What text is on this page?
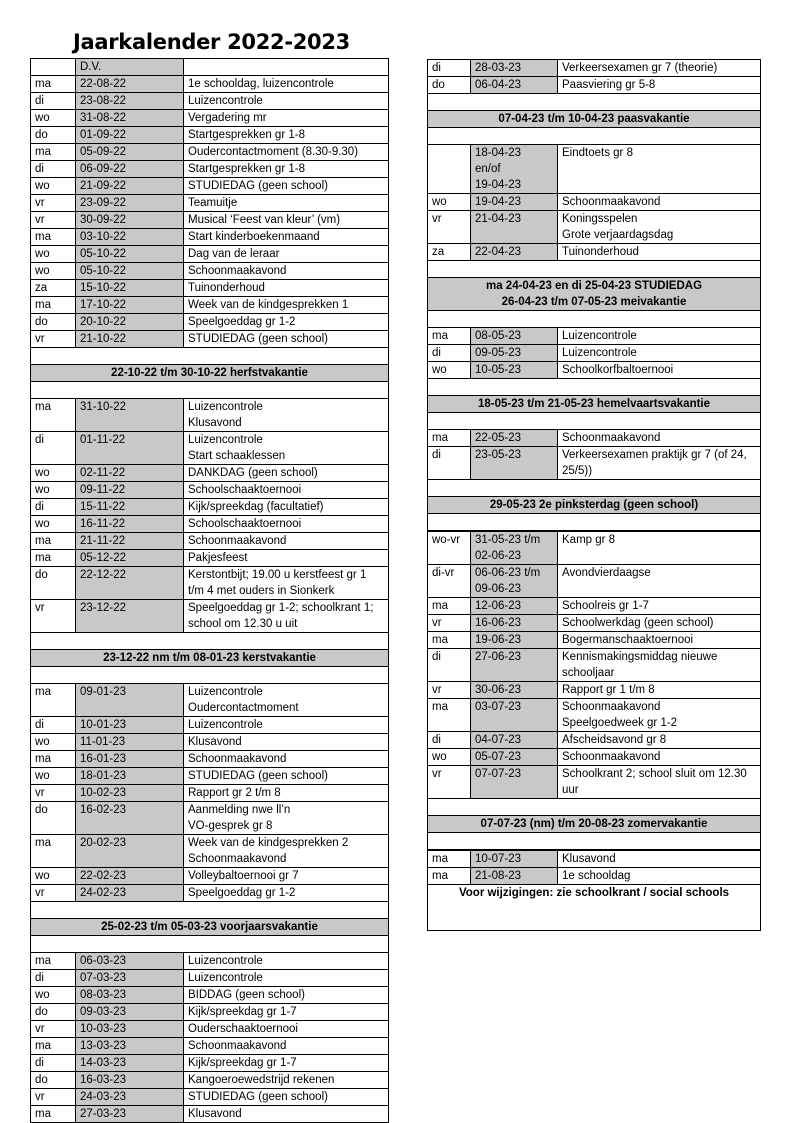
Jaarkalender 2022-2023
	D.V.	
ma	22-08-22	1e schooldag, luizencontrole
di	23-08-22	Luizencontrole
wo	31-08-22	Vergadering mr
do	01-09-22	Startgesprekken gr 1-8
ma	05-09-22	Oudercontactmoment (8.30-9.30)
di	06-09-22	Startgesprekken gr 1-8
wo	21-09-22	STUDIEDAG (geen school)
vr	23-09-22	Teamuitje
vr	30-09-22	Musical ‘Feest van kleur’ (vm)
ma	03-10-22	Start kinderboekenmaand
wo	05-10-22	Dag van de leraar
wo	05-10-22	Schoonmaakavond
za	15-10-22	Tuinonderhoud
ma	17-10-22	Week van de kindgesprekken 1
do	20-10-22	Speelgoeddag gr 1-2
vr	21-10-22	STUDIEDAG (geen school)

22-10-22 t/m 30-10-22 herfstvakantie		

ma	31-10-22	Luizencontrole
Klusavond
di	01-11-22	Luizencontrole
Start schaaklessen
wo	02-11-22	DANKDAG (geen school)
wo	09-11-22	Schoolschaaktoernooi
di	15-11-22	Kijk/spreekdag (facultatief)
wo	16-11-22	Schoolschaaktoernooi
ma	21-11-22	Schoonmaakavond
ma	05-12-22	Pakjesfeest
do	22-12-22	Kerstontbijt; 19.00 u kerstfeest gr 1
t/m 4 met ouders in Sionkerk
vr	23-12-22	Speelgoeddag gr 1-2; schoolkrant 1;
school om 12.30 u uit

23-12-22 nm t/m 08-01-23 kerstvakantie		

ma	09-01-23	Luizencontrole
Oudercontactmoment
di	10-01-23	Luizencontrole
wo	11-01-23	Klusavond
ma	16-01-23	Schoonmaakavond
wo	18-01-23	STUDIEDAG (geen school)
vr	10-02-23	Rapport gr 2 t/m 8
do	16-02-23	Aanmelding nwe ll’n
VO-gesprek gr 8
ma	20-02-23	Week van de kindgesprekken 2
Schoonmaakavond
wo	22-02-23	Volleybaltoernooi gr 7
vr	24-02-23	Speelgoeddag gr 1-2

25-02-23 t/m 05-03-23 voorjaarsvakantie		

ma	06-03-23	Luizencontrole
di	07-03-23	Luizencontrole
wo	08-03-23	BIDDAG (geen school)
do	09-03-23	Kijk/spreekdag gr 1-7
vr	10-03-23	Ouderschaaktoernooi
ma	13-03-23	Schoonmaakavond
di	14-03-23	Kijk/spreekdag gr 1-7
do	16-03-23	Kangoeroewedstrijd rekenen
vr	24-03-23	STUDIEDAG (geen school)
ma	27-03-23	Klusavond
di	28-03-23	Verkeersexamen gr 7 (theorie)
do	06-04-23	Paasviering gr 5-8

07-04-23 t/m 10-04-23 paasvakantie		

	18-04-23
en/of
19-04-23	Eindtoets gr 8
wo	19-04-23	Schoonmaakavond
vr	21-04-23	Koningsspelen
Grote verjaardagsdag
za	22-04-23	Tuinonderhoud

ma 24-04-23 en di 25-04-23 STUDIEDAG
26-04-23 t/m 07-05-23 meivakantie		

ma	08-05-23	Luizencontrole
di	09-05-23	Luizencontrole
wo	10-05-23	Schoolkorfbaltoernooi

18-05-23 t/m 21-05-23 hemelvaartsvakantie		

ma	22-05-23	Schoonmaakavond
di	23-05-23	Verkeersexamen praktijk gr 7 (of 24,
25/5))

29-05-23 2e pinksterdag (geen school)		

wo-vr	31-05-23 t/m
02-06-23	Kamp gr 8
di-vr	06-06-23 t/m
09-06-23	Avondvierdaagse
ma	12-06-23	Schoolreis gr 1-7
vr	16-06-23	Schoolwerkdag (geen school)
ma	19-06-23	Bogermanschaaktoernooi
di	27-06-23	Kennismakingsmiddag nieuwe
schooljaar
vr	30-06-23	Rapport gr 1 t/m 8
ma	03-07-23	Schoonmaakavond
Speelgoedweek gr 1-2
di	04-07-23	Afscheidsavond gr 8
wo	05-07-23	Schoonmaakavond
vr	07-07-23	Schoolkrant 2; school sluit om 12.30
uur

07-07-23 (nm) t/m 20-08-23 zomervakantie		

ma	10-07-23	Klusavond
ma	21-08-23	1e schooldag
Voor wijzigingen: zie schoolkrant / social schools		
